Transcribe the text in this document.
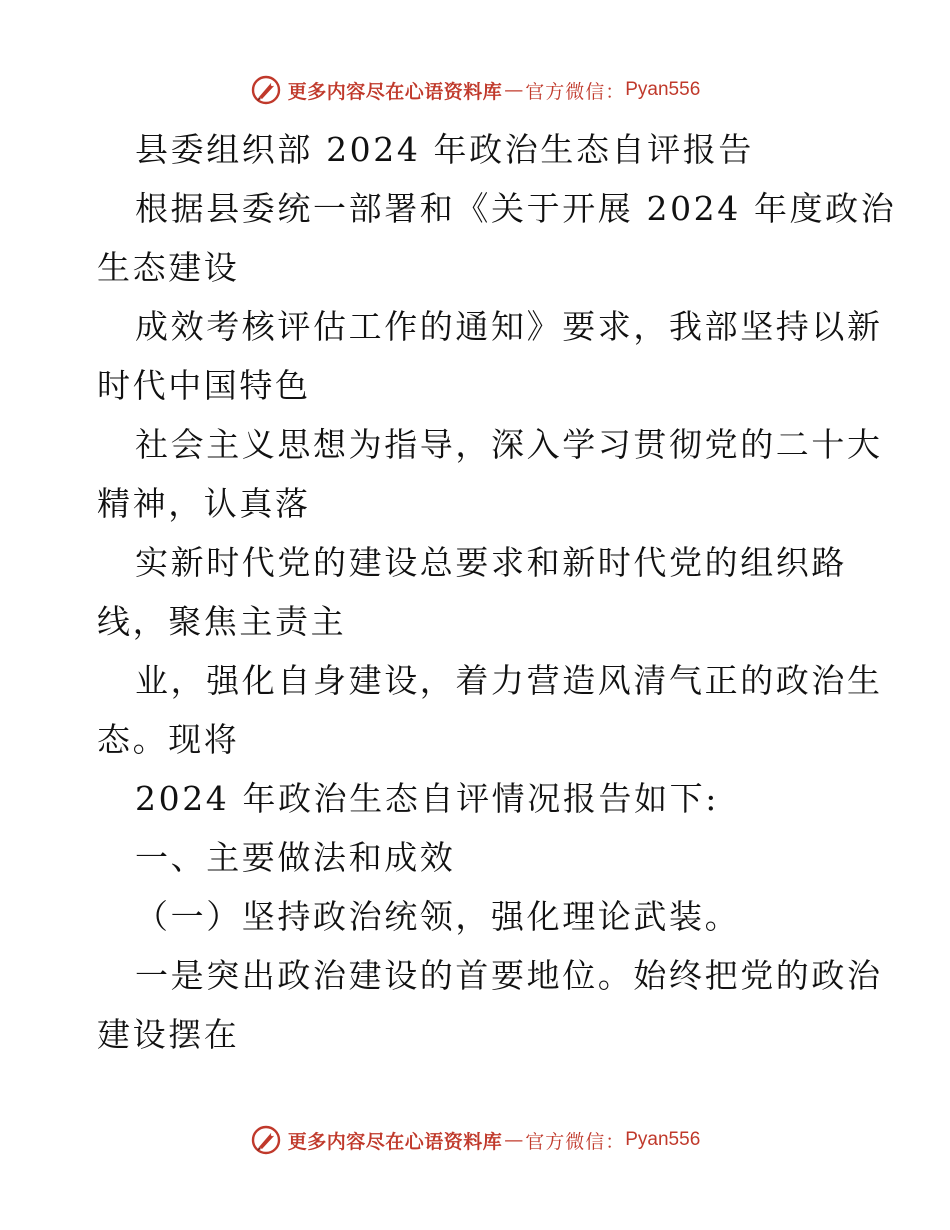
更多内容尽在心语资料库 — 官方微信： Pyan556
县委组织部 2024 年政治生态自评报告
根据县委统一部署和《关于开展 2024 年度政治
生态建设
成效考核评估工作的通知》要求，我部坚持以新
时代中国特色
社会主义思想为指导，深入学习贯彻党的二十大
精神，认真落
实新时代党的建设总要求和新时代党的组织路
线，聚焦主责主
业，强化自身建设，着力营造风清气正的政治生
态。现将
2024 年政治生态自评情况报告如下:
一、主要做法和成效
（一）坚持政治统领，强化理论武装。
一是突出政治建设的首要地位。始终把党的政治
建设摆在
更多内容尽在心语资料库 — 官方微信： Pyan556
